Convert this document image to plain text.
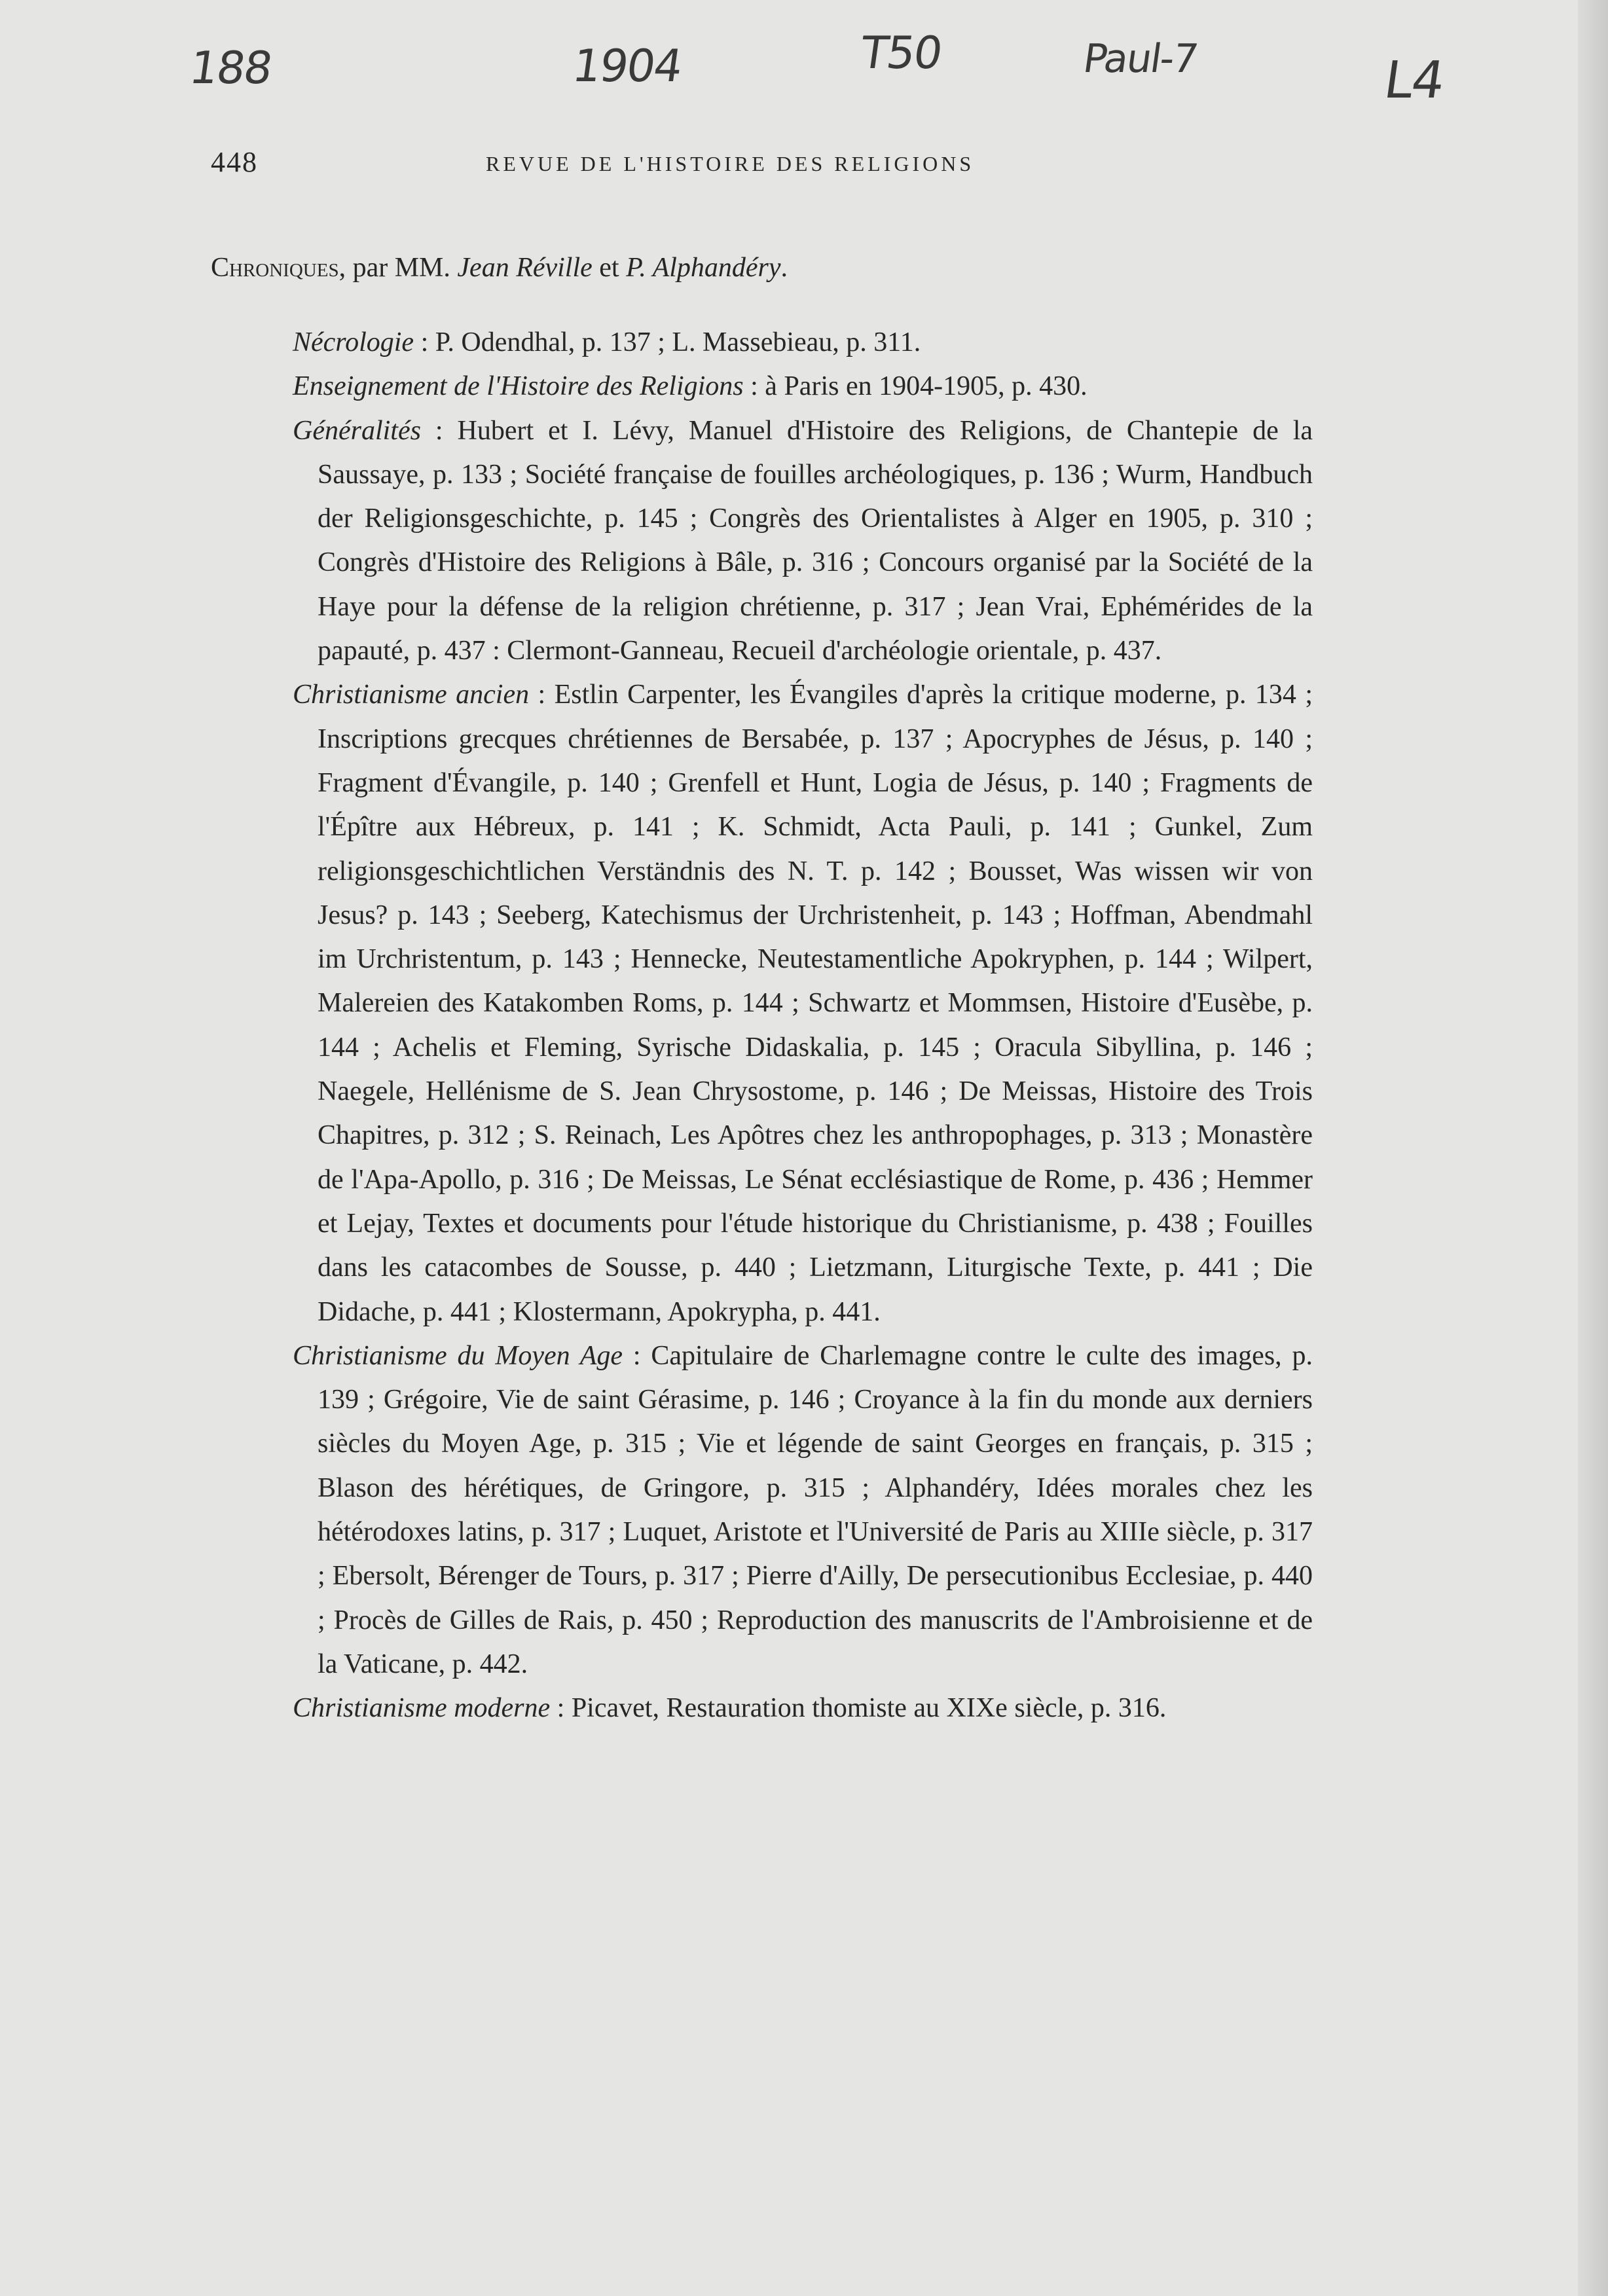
188	1904	T50	Paul-7	L4
448	REVUE DE L'HISTOIRE DES RELIGIONS
Chroniques, par MM. Jean Réville et P. Alphandéry.
Nécrologie : P. Odendhal, p. 137 ; L. Massebieau, p. 311.
Enseignement de l'Histoire des Religions : à Paris en 1904-1905, p. 430.
Généralités : Hubert et I. Lévy, Manuel d'Histoire des Religions, de Chantepie de la Saussaye, p. 133 ; Société française de fouilles archéologiques, p. 136 ; Wurm, Handbuch der Religionsgeschichte, p. 145 ; Congrès des Orientalistes à Alger en 1905, p. 310 ; Congrès d'Histoire des Religions à Bâle, p. 316 ; Concours organisé par la Société de la Haye pour la défense de la religion chrétienne, p. 317 ; Jean Vrai, Ephémérides de la papauté, p. 437 : Clermont-Ganneau, Recueil d'archéologie orientale, p. 437.
Christianisme ancien : Estlin Carpenter, les Évangiles d'après la critique moderne, p. 134 ; Inscriptions grecques chrétiennes de Bersabée, p. 137 ; Apocryphes de Jésus, p. 140 ; Fragment d'Évangile, p. 140 ; Grenfell et Hunt, Logia de Jésus, p. 140 ; Fragments de l'Épître aux Hébreux, p. 141 ; K. Schmidt, Acta Pauli, p. 141 ; Gunkel, Zum religionsgeschichtlichen Verständnis des N. T. p. 142 ; Bousset, Was wissen wir von Jesus? p. 143 ; Seeberg, Katechismus der Urchristenheit, p. 143 ; Hoffman, Abendmahl im Urchristentum, p. 143 ; Hennecke, Neutestamentliche Apokryphen, p. 144 ; Wilpert, Malereien des Katakomben Roms, p. 144 ; Schwartz et Mommsen, Histoire d'Eusèbe, p. 144 ; Achelis et Fleming, Syrische Didaskalia, p. 145 ; Oracula Sibyllina, p. 146 ; Naegele, Hellénisme de S. Jean Chrysostome, p. 146 ; De Meissas, Histoire des Trois Chapitres, p. 312 ; S. Reinach, Les Apôtres chez les anthropophages, p. 313 ; Monastère de l'Apa-Apollo, p. 316 ; De Meissas, Le Sénat ecclésiastique de Rome, p. 436 ; Hemmer et Lejay, Textes et documents pour l'étude historique du Christianisme, p. 438 ; Fouilles dans les catacombes de Sousse, p. 440 ; Lietzmann, Liturgische Texte, p. 441 ; Die Didache, p. 441 ; Klostermann, Apokrypha, p. 441.
Christianisme du Moyen Age : Capitulaire de Charlemagne contre le culte des images, p. 139 ; Grégoire, Vie de saint Gérasime, p. 146 ; Croyance à la fin du monde aux derniers siècles du Moyen Age, p. 315 ; Vie et légende de saint Georges en français, p. 315 ; Blason des hérétiques, de Gringore, p. 315 ; Alphandéry, Idées morales chez les hétérodoxes latins, p. 317 ; Luquet, Aristote et l'Université de Paris au XIIIe siècle, p. 317 ; Ebersolt, Bérenger de Tours, p. 317 ; Pierre d'Ailly, De persecutionibus Ecclesiae, p. 440 ; Procès de Gilles de Rais, p. 450 ; Reproduction des manuscrits de l'Ambroisienne et de la Vaticane, p. 442.
Christianisme moderne : Picavet, Restauration thomiste au XIXe siècle, p. 316.
